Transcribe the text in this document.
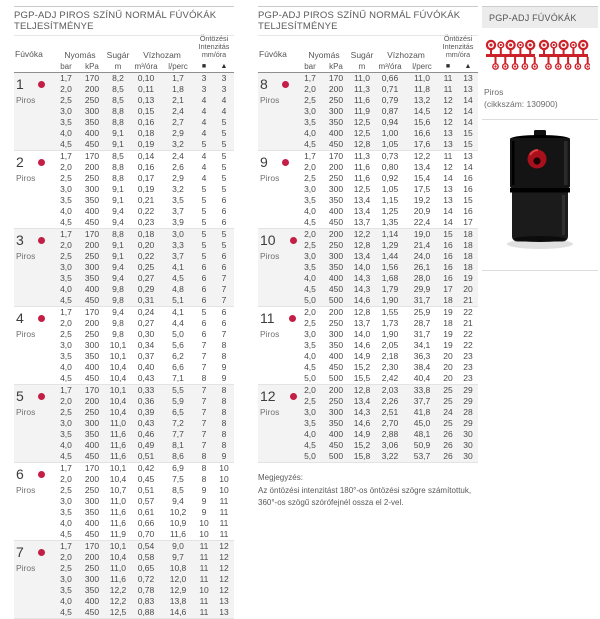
PGP-ADJ PIROS SZÍNŰ NORMÁL FÚVÓKÁK TELJESÍTMÉNYE
Fúvóka	Nyomás	Sugár	Vízhozam
Öntözési Intenzitás mm/óra
bar	kPa	m	m³/óra	l/perc	■	▲
1
Piros
1,7	170	8,2	0,10	1,7	3	3
2,0	200	8,5	0,11	1,8	3	3
2,5	250	8,5	0,13	2,1	4	4
3,0	300	8,8	0,15	2,4	4	4
3,5	350	8,8	0,16	2,7	4	5
4,0	400	9,1	0,18	2,9	4	5
4,5	450	9,1	0,19	3,2	5	5
2
Piros
1,7	170	8,5	0,14	2,4	4	5
2,0	200	8,8	0,16	2,6	4	5
2,5	250	8,8	0,17	2,9	4	5
3,0	300	9,1	0,19	3,2	5	5
3,5	350	9,1	0,21	3,5	5	6
4,0	400	9,4	0,22	3,7	5	6
4,5	450	9,4	0,23	3,9	5	6
3
Piros
1,7	170	8,8	0,18	3,0	5	5
2,0	200	9,1	0,20	3,3	5	5
2,5	250	9,1	0,22	3,7	5	6
3,0	300	9,4	0,25	4,1	6	6
3,5	350	9,4	0,27	4,5	6	7
4,0	400	9,8	0,29	4,8	6	7
4,5	450	9,8	0,31	5,1	6	7
4
Piros
1,7	170	9,4	0,24	4,1	5	6
2,0	200	9,8	0,27	4,4	6	6
2,5	250	9,8	0,30	5,0	6	7
3,0	300	10,1	0,34	5,6	7	8
3,5	350	10,1	0,37	6,2	7	8
4,0	400	10,4	0,40	6,6	7	9
4,5	450	10,4	0,43	7,1	8	9
5
Piros
1,7	170	10,1	0,33	5,5	7	8
2,0	200	10,4	0,36	5,9	7	8
2,5	250	10,4	0,39	6,5	7	8
3,0	300	11,0	0,43	7,2	7	8
3,5	350	11,6	0,46	7,7	7	8
4,0	400	11,6	0,49	8,1	7	8
4,5	450	11,6	0,51	8,6	8	9
6
Piros
1,7	170	10,1	0,42	6,9	8	10
2,0	200	10,4	0,45	7,5	8	10
2,5	250	10,7	0,51	8,5	9	10
3,0	300	11,0	0,57	9,4	9	11
3,5	350	11,6	0,61	10,2	9	11
4,0	400	11,6	0,66	10,9	10	11
4,5	450	11,9	0,70	11,6	10	11
7
Piros
1,7	170	10,1	0,54	9,0	11	12
2,0	200	10,4	0,58	9,7	11	12
2,5	250	11,0	0,65	10,8	11	12
3,0	300	11,6	0,72	12,0	11	12
3,5	350	12,2	0,78	12,9	10	12
4,0	400	12,2	0,83	13,8	11	13
4,5	450	12,5	0,88	14,6	11	13
PGP-ADJ PIROS SZÍNŰ NORMÁL FÚVÓKÁK TELJESÍTMÉNYE
Fúvóka	Nyomás	Sugár	Vízhozam
Öntözési Intenzitás mm/óra
bar	kPa	m	m³/óra	l/perc	■	▲
8
Piros
1,7	170	11,0	0,66	11,0	11	13
2,0	200	11,3	0,71	11,8	11	13
2,5	250	11,6	0,79	13,2	12	14
3,0	300	11,9	0,87	14,5	12	14
3,5	350	12,5	0,94	15,6	12	14
4,0	400	12,5	1,00	16,6	13	15
4,5	450	12,8	1,05	17,6	13	15
9
Piros
1,7	170	11,3	0,73	12,2	11	13
2,0	200	11,6	0,80	13,4	12	14
2,5	250	11,6	0,92	15,4	14	16
3,0	300	12,5	1,05	17,5	13	16
3,5	350	13,4	1,15	19,2	13	15
4,0	400	13,4	1,25	20,9	14	16
4,5	450	13,7	1,35	22,4	14	17
10
Piros
2,0	200	12,2	1,14	19,0	15	18
2,5	250	12,8	1,29	21,4	16	18
3,0	300	13,4	1,44	24,0	16	18
3,5	350	14,0	1,56	26,1	16	18
4,0	400	14,3	1,68	28,0	16	19
4,5	450	14,3	1,79	29,9	17	20
5,0	500	14,6	1,90	31,7	18	21
11
Piros
2,0	200	12,8	1,55	25,9	19	22
2,5	250	13,7	1,73	28,7	18	21
3,0	300	14,0	1,90	31,7	19	22
3,5	350	14,6	2,05	34,1	19	22
4,0	400	14,9	2,18	36,3	20	23
4,5	450	15,2	2,30	38,4	20	23
5,0	500	15,5	2,42	40,4	20	23
12
Piros
2,0	200	12,8	2,03	33,8	25	29
2,5	250	13,4	2,26	37,7	25	29
3,0	300	14,3	2,51	41,8	24	28
3,5	350	14,6	2,70	45,0	25	29
4,0	400	14,9	2,88	48,1	26	30
4,5	450	15,2	3,06	50,9	26	30
5,0	500	15,8	3,22	53,7	26	30
Megjegyzés:
Az öntözési intenzitást 180°-os öntözési szögre számítottuk, 360°-os szögű szórófejnél ossza el 2-vel.
PGP-ADJ FÚVÓKÁK
Piros
(cikkszám: 130900)
